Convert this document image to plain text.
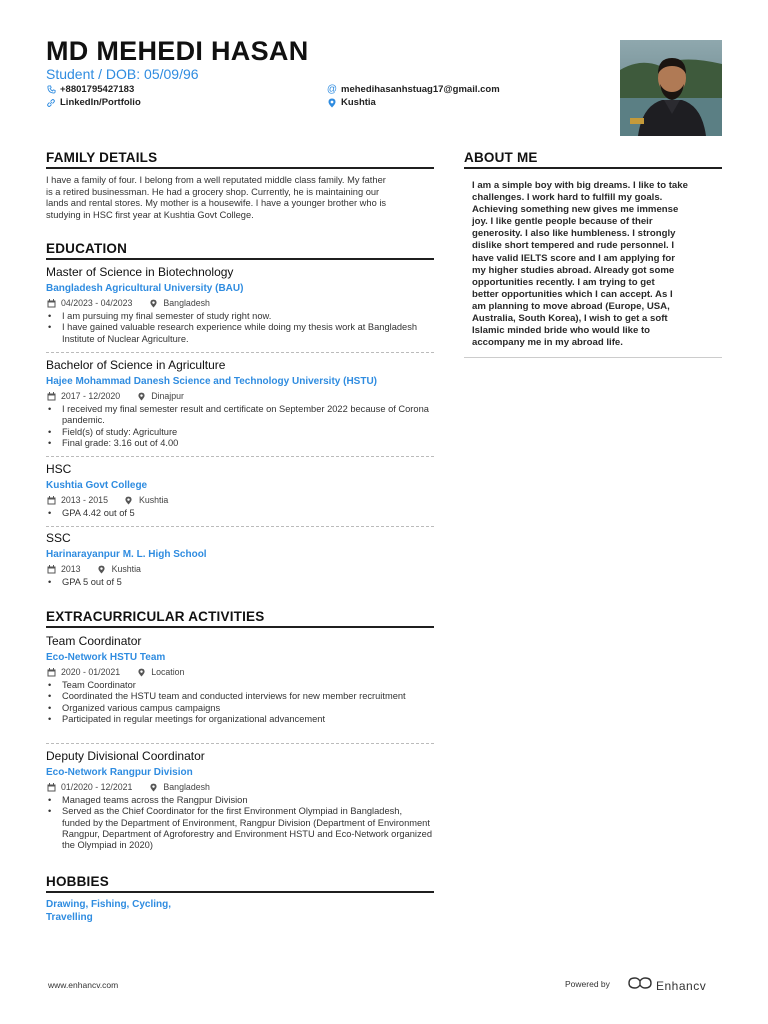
MD MEHEDI HASAN
Student / DOB: 05/09/96
+8801795427183
LinkedIn/Portfolio
@ mehedihasanhstuag17@gmail.com
Kushtia
FAMILY DETAILS
I have a family of four. I belong from a well reputated middle class family. My father
is a retired businessman. He had a grocery shop. Currently, he is maintaining our
lands and rental stores. My mother is a housewife. I have a younger brother who is
studying in HSC first year at Kushtia Govt College.
ABOUT ME

I am a simple boy with big dreams. I like to take

challenges. I work hard to fulfill my goals.

Achieving something new gives me immense

joy. I like gentle people because of their

generosity. I also like humbleness. I strongly

dislike short tempered and rude personnel. I

have valid IELTS score and I am applying for

my higher studies abroad. Already got some

opportunities recently. I am trying to get

better opportunities which I can accept. As I

am planning to move abroad (Europe, USA,

Australia, South Korea), I wish to get a soft

Islamic minded bride who would like to

accompany me in my abroad life.

EDUCATION
Master of Science in Biotechnology
Bangladesh Agricultural University (BAU)
04/2023 - 04/2023	Bangladesh
• I am pursuing my final semester of study right now.
• I have gained valuable research experience while doing my thesis work at Bangladesh Institute of Nuclear Agriculture.
Bachelor of Science in Agriculture
Hajee Mohammad Danesh Science and Technology University (HSTU)
2017 - 12/2020	Dinajpur
• I received my final semester result and certificate on September 2022 because of Corona pandemic.
• Field(s) of study: Agriculture
• Final grade: 3.16 out of 4.00
HSC
Kushtia Govt College
2013 - 2015	Kushtia
• GPA 4.42 out of 5
SSC
Harinarayanpur M. L. High School
2013	Kushtia
• GPA 5 out of 5
EXTRACURRICULAR ACTIVITIES
Team Coordinator
Eco-Network HSTU Team
2020 - 01/2021	Location
• Team Coordinator
• Coordinated the HSTU team and conducted interviews for new member recruitment
• Organized various campus campaigns
• Participated in regular meetings for organizational advancement
Deputy Divisional Coordinator
Eco-Network Rangpur Division
01/2020 - 12/2021	Bangladesh
• Managed teams across the Rangpur Division
• Served as the Chief Coordinator for the first Environment Olympiad in Bangladesh, funded by the Department of Environment, Rangpur Division (Department of Environment Rangpur, Department of Agroforestry and Environment HSTU and Eco-Network organized the Olympiad in 2020)
HOBBIES
Drawing, Fishing, Cycling,
Travelling
www.enhancv.com	Powered by	Enhancv
